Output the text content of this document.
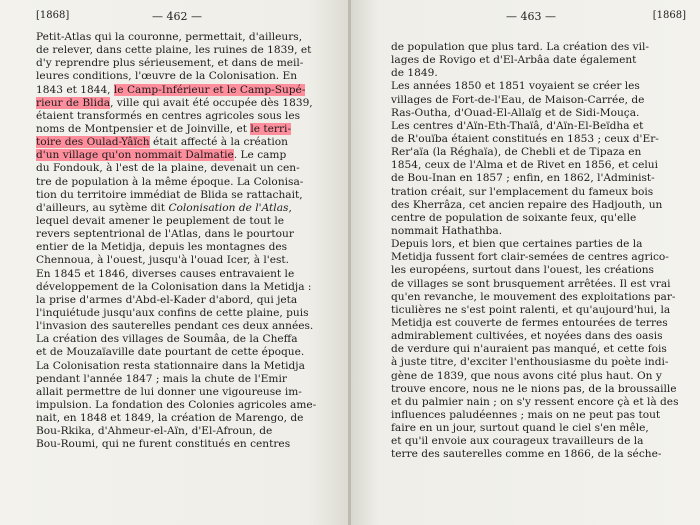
[1868]	— 462 —
Petit-Atlas qui la couronne, permettait, d'ailleurs,
de relever, dans cette plaine, les ruines de 1839, et
d'y reprendre plus sérieusement, et dans de meil-
leures conditions, l'œuvre de la Colonisation. En
1843 et 1844, le Camp-Inférieur et le Camp-Supé-
rieur de Blida, ville qui avait été occupée dès 1839,
étaient transformés en centres agricoles sous les
noms de Montpensier et de Joinville, et le terri-
toire des Oulad-Yâïch était affecté à la création
d'un village qu'on nommait Dalmatie. Le camp
du Fondouk, à l'est de la plaine, devenait un cen-
tre de population à la même époque. La Colonisa-
tion du territoire immédiat de Blida se rattachait,
d'ailleurs, au sytème dit Colonisation de l'Atlas,
lequel devait amener le peuplement de tout le
revers septentrional de l'Atlas, dans le pourtour
entier de la Metidja, depuis les montagnes des
Chennoua, à l'ouest, jusqu'à l'ouad Icer, à l'est.
En 1845 et 1846, diverses causes entravaient le
développement de la Colonisation dans la Metidja :
la prise d'armes d'Abd-el-Kader d'abord, qui jeta
l'inquiétude jusqu'aux confins de cette plaine, puis
l'invasion des sauterelles pendant ces deux années.
La création des villages de Soumâa, de la Cheffa
et de Mouzaïaville date pourtant de cette époque.
La Colonisation resta stationnaire dans la Metidja
pendant l'année 1847 ; mais la chute de l'Emir
allait permettre de lui donner une vigoureuse im-
impulsion. La fondation des Colonies agricoles ame-
nait, en 1848 et 1849, la création de Marengo, de
Bou-Rkika, d'Ahmeur-el-Aïn, d'El-Afroun, de
Bou-Roumi, qui ne furent constitués en centres
— 463 —	[1868]
de population que plus tard. La création des vil-
lages de Rovigo et d'El-Arbâa date également
de 1849.
Les années 1850 et 1851 voyaient se créer les
villages de Fort-de-l'Eau, de Maison-Carrée, de
Ras-Outha, d'Ouad-El-Allaïg et de Sidi-Mouça.
Les centres d'Aïn-Eth-Thaïâ, d'Aïn-El-Beïdha et
de R'ouïba étaient constitués en 1853 ; ceux d'Er-
Rer'aïa (la Réghaïa), de Chebli et de Tipaza en
1854, ceux de l'Alma et de Rivet en 1856, et celui
de Bou-Inan en 1857 ; enfin, en 1862, l'Administ-
tration créait, sur l'emplacement du fameux bois
des Kherrâza, cet ancien repaire des Hadjouth, un
centre de population de soixante feux, qu'elle
nommait Hathathba.
Depuis lors, et bien que certaines parties de la
Metidja fussent fort clair-semées de centres agrico-
les européens, surtout dans l'ouest, les créations
de villages se sont brusquement arrêtées. Il est vrai
qu'en revanche, le mouvement des exploitations par-
ticulières ne s'est point ralenti, et qu'aujourd'hui, la
Metidja est couverte de fermes entourées de terres
admirablement cultivées, et noyées dans des oasis
de verdure qui n'auraient pas manqué, et cette fois
à juste titre, d'exciter l'enthousiasme du poète indi-
gène de 1839, que nous avons cité plus haut. On y
trouve encore, nous ne le nions pas, de la broussaille
et du palmier nain ; on s'y ressent encore çà et là des
influences paludéennes ; mais on ne peut pas tout
faire en un jour, surtout quand le ciel s'en mêle,
et qu'il envoie aux courageux travailleurs de la
terre des sauterelles comme en 1866, de la séche-
